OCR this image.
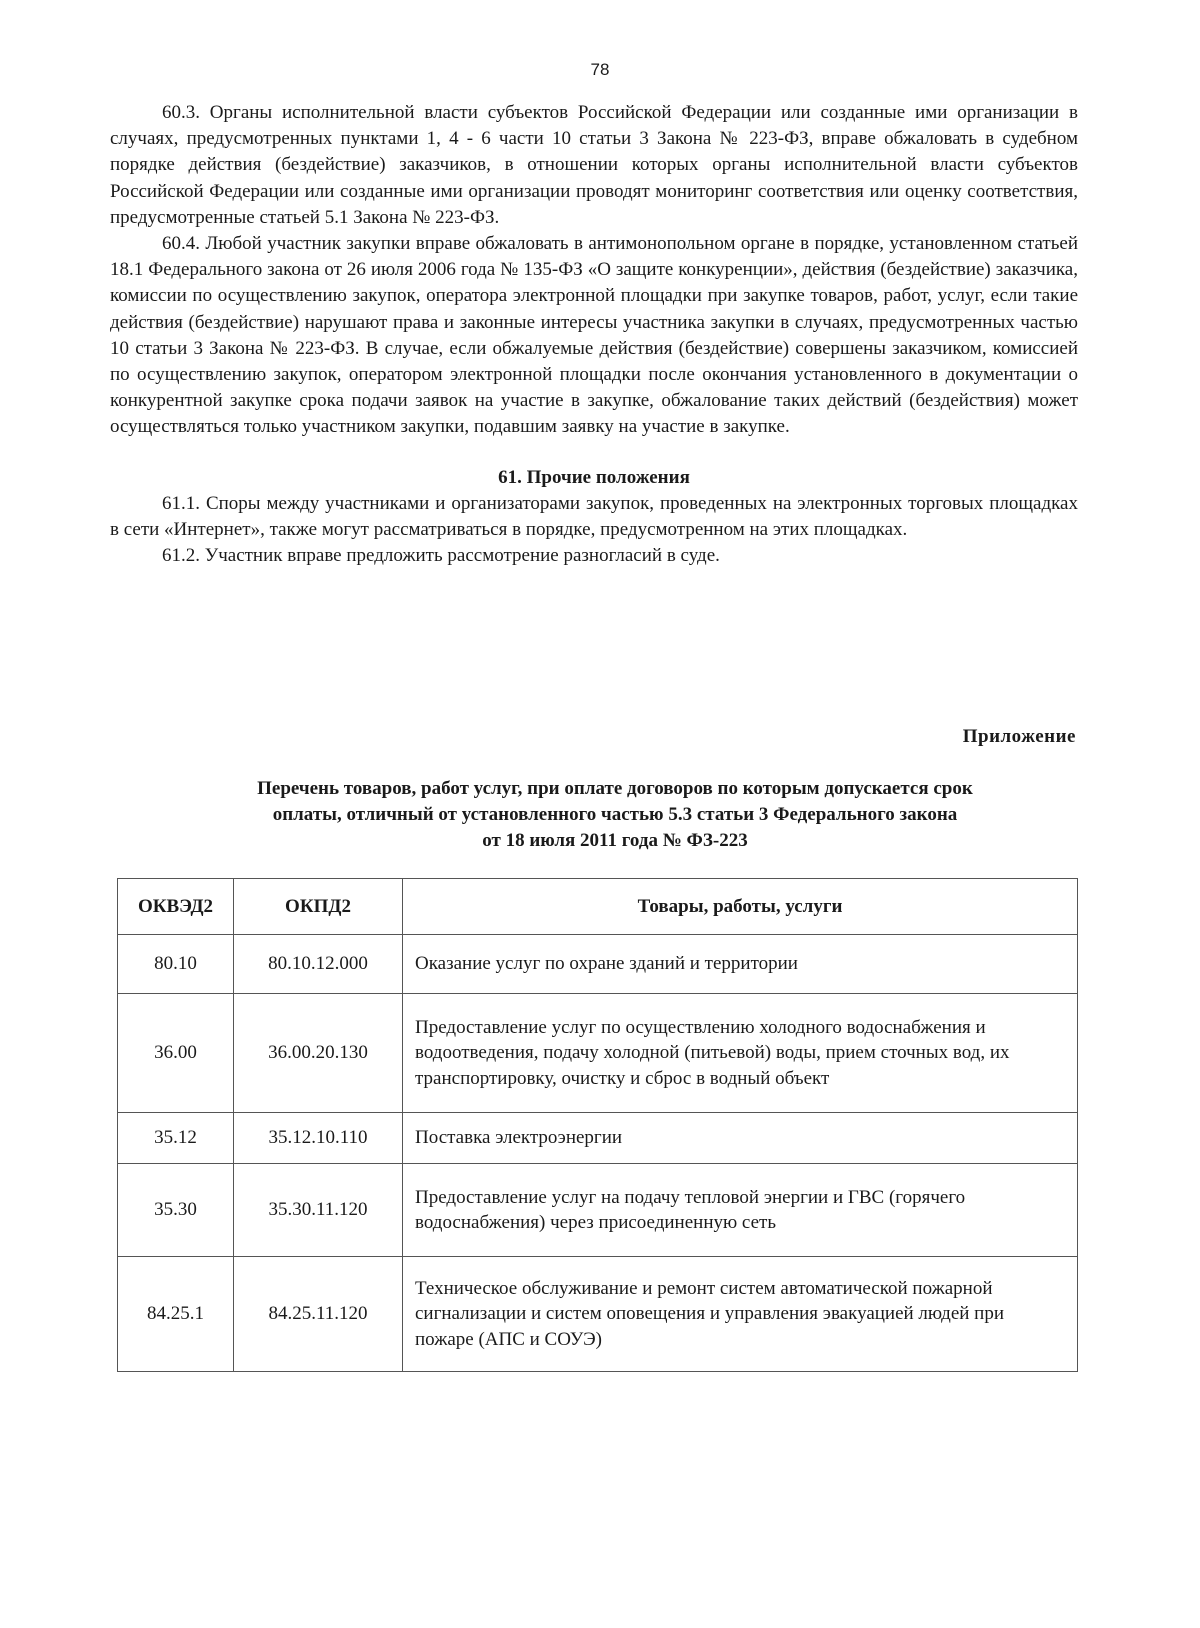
78

60.3. Органы исполнительной власти субъектов Российской Федерации или созданные ими организации в случаях, предусмотренных пунктами 1, 4 - 6 части 10 статьи 3 Закона № 223-ФЗ, вправе обжаловать в судебном порядке действия (бездействие) заказчиков, в отношении которых органы исполнительной власти субъектов Российской Федерации или созданные ими организации проводят мониторинг соответствия или оценку соответствия, предусмотренные статьей 5.1 Закона № 223-ФЗ.

60.4. Любой участник закупки вправе обжаловать в антимонопольном органе в порядке, установленном статьей 18.1 Федерального закона от 26 июля 2006 года № 135-ФЗ «О защите конкуренции», действия (бездействие) заказчика, комиссии по осуществлению закупок, оператора электронной площадки при закупке товаров, работ, услуг, если такие действия (бездействие) нарушают права и законные интересы участника закупки в случаях, предусмотренных частью 10 статьи 3 Закона № 223-ФЗ. В случае, если обжалуемые действия (бездействие) совершены заказчиком, комиссией по осуществлению закупок, оператором электронной площадки после окончания установленного в документации о конкурентной закупке срока подачи заявок на участие в закупке, обжалование таких действий (бездействия) может осуществляться только участником закупки, подавшим заявку на участие в закупке.

61. Прочие положения

61.1. Споры между участниками и организаторами закупок, проведенных на электронных торговых площадках в сети «Интернет», также могут рассматриваться в порядке, предусмотренном на этих площадках.

61.2. Участник вправе предложить рассмотрение разногласий в суде.

Приложение
Перечень товаров, работ услуг, при оплате договоров по которым допускается срок
оплаты, отличный от установленного частью 5.3 статьи 3 Федерального закона
от 18 июля 2011 года № ФЗ-223
ОКВЭД2	ОКПД2	Товары, работы, услуги
80.10	80.10.12.000	Оказание услуг по охране зданий и территории
36.00	36.00.20.130	Предоставление услуг по осуществлению холодного водоснабжения и водоотведения, подачу холодной (питьевой) воды, прием сточных вод, их транспортировку, очистку и сброс в водный объект
35.12	35.12.10.110	Поставка электроэнергии
35.30	35.30.11.120	Предоставление услуг на подачу тепловой энергии и ГВС (горячего водоснабжения) через присоединенную сеть
84.25.1	84.25.11.120	Техническое обслуживание и ремонт систем автоматической пожарной сигнализации и систем оповещения и управления эвакуацией людей при пожаре (АПС и СОУЭ)
